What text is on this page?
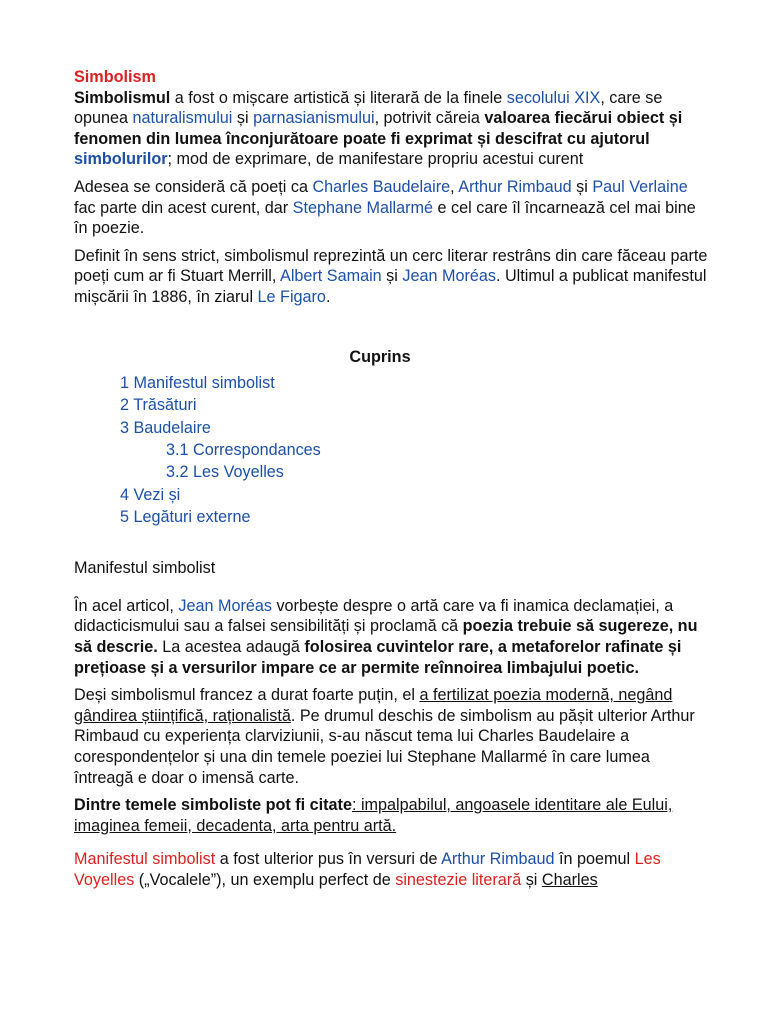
Simbolism

Simbolismul a fost o mișcare artistică și literară de la finele secolului XIX, care se opunea naturalismului și parnasianismului, potrivit căreia valoarea fiecărui obiect și fenomen din lumea înconjurătoare poate fi exprimat și descifrat cu ajutorul simbolurilor; mod de exprimare, de manifestare propriu acestui curent

Adesea se consideră că poeți ca Charles Baudelaire, Arthur Rimbaud și Paul Verlaine fac parte din acest curent, dar Stephane Mallarmé e cel care îl încarnează cel mai bine în poezie.

Definit în sens strict, simbolismul reprezintă un cerc literar restrâns din care făceau parte poeți cum ar fi Stuart Merrill, Albert Samain și Jean Moréas. Ultimul a publicat manifestul mișcării în 1886, în ziarul Le Figaro.

Cuprins

1 Manifestul simbolist
2 Trăsături
3 Baudelaire
3.1 Correspondances
3.2 Les Voyelles
4 Vezi și
5 Legături externe

Manifestul simbolist

În acel articol, Jean Moréas vorbește despre o artă care va fi inamica declamației, a didacticismului sau a falsei sensibilități și proclamă că poezia trebuie să sugereze, nu să descrie. La acestea adaugă folosirea cuvintelor rare, a metaforelor rafinate și prețioase și a versurilor impare ce ar permite reînnoirea limbajului poetic.

Deși simbolismul francez a durat foarte puțin, el a fertilizat poezia modernă, negând gândirea științifică, raționalistă. Pe drumul deschis de simbolism au pășit ulterior Arthur Rimbaud cu experiența clarviziunii, s-au născut tema lui Charles Baudelaire a corespondențelor și una din temele poeziei lui Stephane Mallarmé în care lumea întreagă e doar o imensă carte.

Dintre temele simboliste pot fi citate: impalpabilul, angoasele identitare ale Eului, imaginea femeii, decadenta, arta pentru artă.

Manifestul simbolist a fost ulterior pus în versuri de Arthur Rimbaud în poemul Les Voyelles („Vocalele”), un exemplu perfect de sinestezie literară și Charles
